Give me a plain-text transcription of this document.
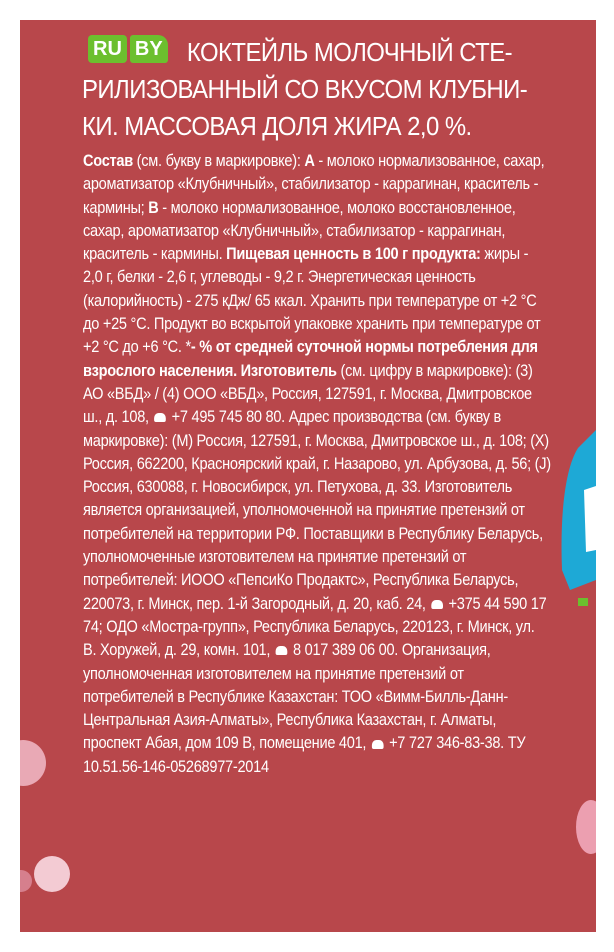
RU BY КОКТЕЙЛЬ МОЛОЧНЫЙ СТЕ-
РИЛИЗОВАННЫЙ СО ВКУСОМ КЛУБНИ-
КИ. МАССОВАЯ ДОЛЯ ЖИРА 2,0 %.
Состав (см. букву в маркировке): А - молоко нормализованное, сахар, ароматизатор «Клубничный», стабилизатор - каррагинан, краситель - кармины; В - молоко нормализованное, молоко восстановленное, сахар, ароматизатор «Клубничный», стабилизатор - каррагинан, краситель - кармины. Пищевая ценность в 100 г продукта: жиры - 2,0 г, белки - 2,6 г, углеводы - 9,2 г. Энергетическая ценность (калорийность) - 275 кДж/ 65 ккал. Хранить при температуре от +2 °С до +25 °С. Продукт во вскрытой упаковке хранить при температуре от +2 °С до +6 °С. *- % от средней суточной нормы потребления для взрослого населения. Изготовитель (см. цифру в маркировке): (3) АО «ВБД» / (4) ООО «ВБД», Россия, 127591, г. Москва, Дмитровское ш., д. 108,  +7 495 745 80 80. Адрес производства (см. букву в маркировке): (М) Россия, 127591, г. Москва, Дмитровское ш., д. 108; (Х) Россия, 662200, Красноярский край, г. Назарово, ул. Арбузова, д. 56; (J) Россия, 630088, г. Новосибирск, ул. Петухова, д. 33. Изготовитель является организацией, уполномоченной на принятие претензий от потребителей на территории РФ. Поставщики в Республику Беларусь, уполномоченные изготовителем на принятие претензий от потребителей: ИООО «ПепсиКо Продактс», Республика Беларусь, 220073, г. Минск, пер. 1-й Загородный, д. 20, каб. 24,  +375 44 590 17 74; ОДО «Мостра-групп», Республика Беларусь, 220123, г. Минск, ул. В. Хоружей, д. 29, комн. 101,  8 017 389 06 00. Организация, уполномоченная изготовителем на принятие претензий от потребителей в Республике Казахстан: ТОО «Вимм-Билль-Данн-Центральная Азия-Алматы», Республика Казахстан, г. Алматы, проспект Абая, дом 109 В, помещение 401,  +7 727 346-83-38. ТУ 10.51.56-146-05268977-2014
